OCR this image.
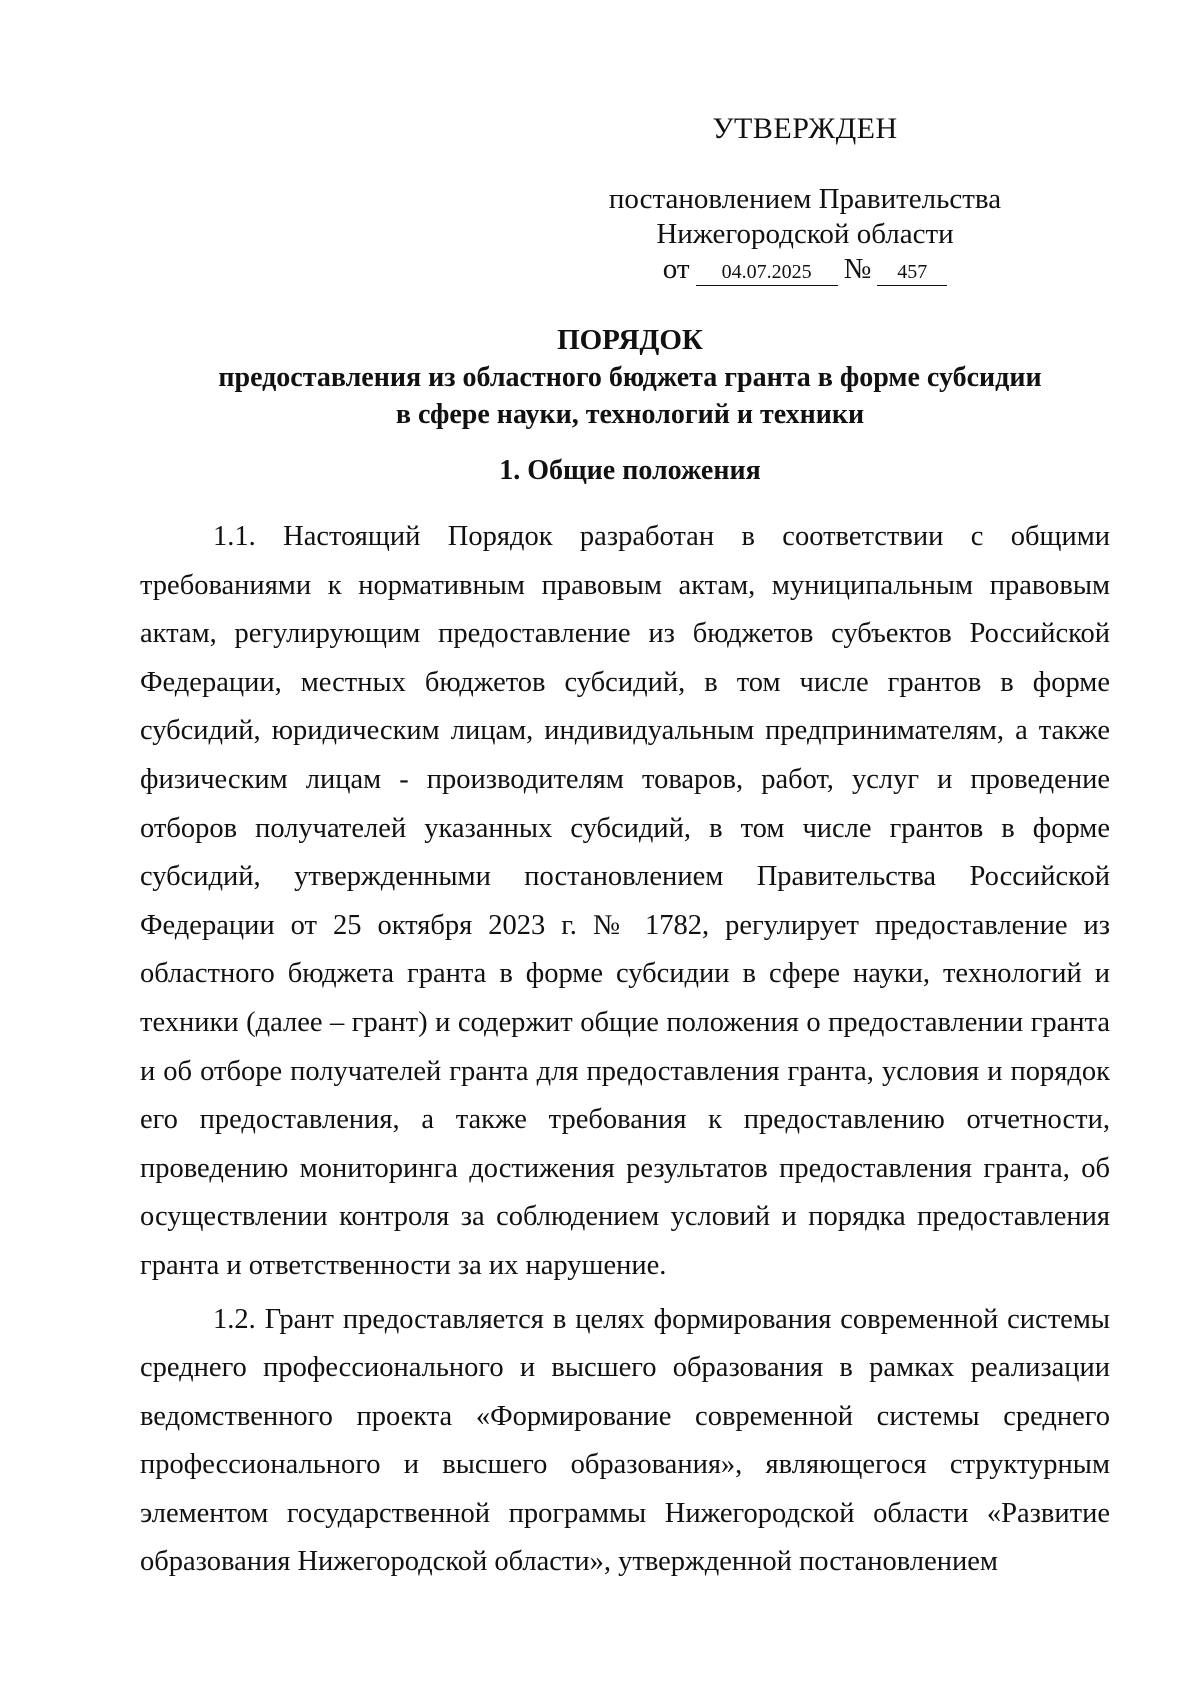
УТВЕРЖДЕН
постановлением Правительства
Нижегородской области
от	04.07.2025	№	457
ПОРЯДОК
предоставления из областного бюджета гранта в форме субсидии
в сфере науки, технологий и техники
1. Общие положения

1.1. Настоящий Порядок разработан в соответствии с общими требованиями к нормативным правовым актам, муниципальным правовым актам, регулирующим предоставление из бюджетов субъектов Российской Федерации, местных бюджетов субсидий, в том числе грантов в форме субсидий, юридическим лицам, индивидуальным предпринимателям, а также физическим лицам - производителям товаров, работ, услуг и проведение отборов получателей указанных субсидий, в том числе грантов в форме субсидий, утвержденными постановлением Правительства Российской Федерации от 25 октября 2023 г. № 1782, регулирует предоставление из областного бюджета гранта в форме субсидии в сфере науки, технологий и техники (далее – грант) и содержит общие положения о предоставлении гранта и об отборе получателей гранта для предоставления гранта, условия и порядок его предоставления, а также требования к предоставлению отчетности, проведению мониторинга достижения результатов предоставления гранта, об осуществлении контроля за соблюдением условий и порядка предоставления гранта и ответственности за их нарушение.

1.2. Грант предоставляется в целях формирования современной системы среднего профессионального и высшего образования в рамках реализации ведомственного проекта «Формирование современной системы среднего профессионального и высшего образования», являющегося структурным элементом государственной программы Нижегородской области «Развитие образования Нижегородской области», утвержденной постановлением
